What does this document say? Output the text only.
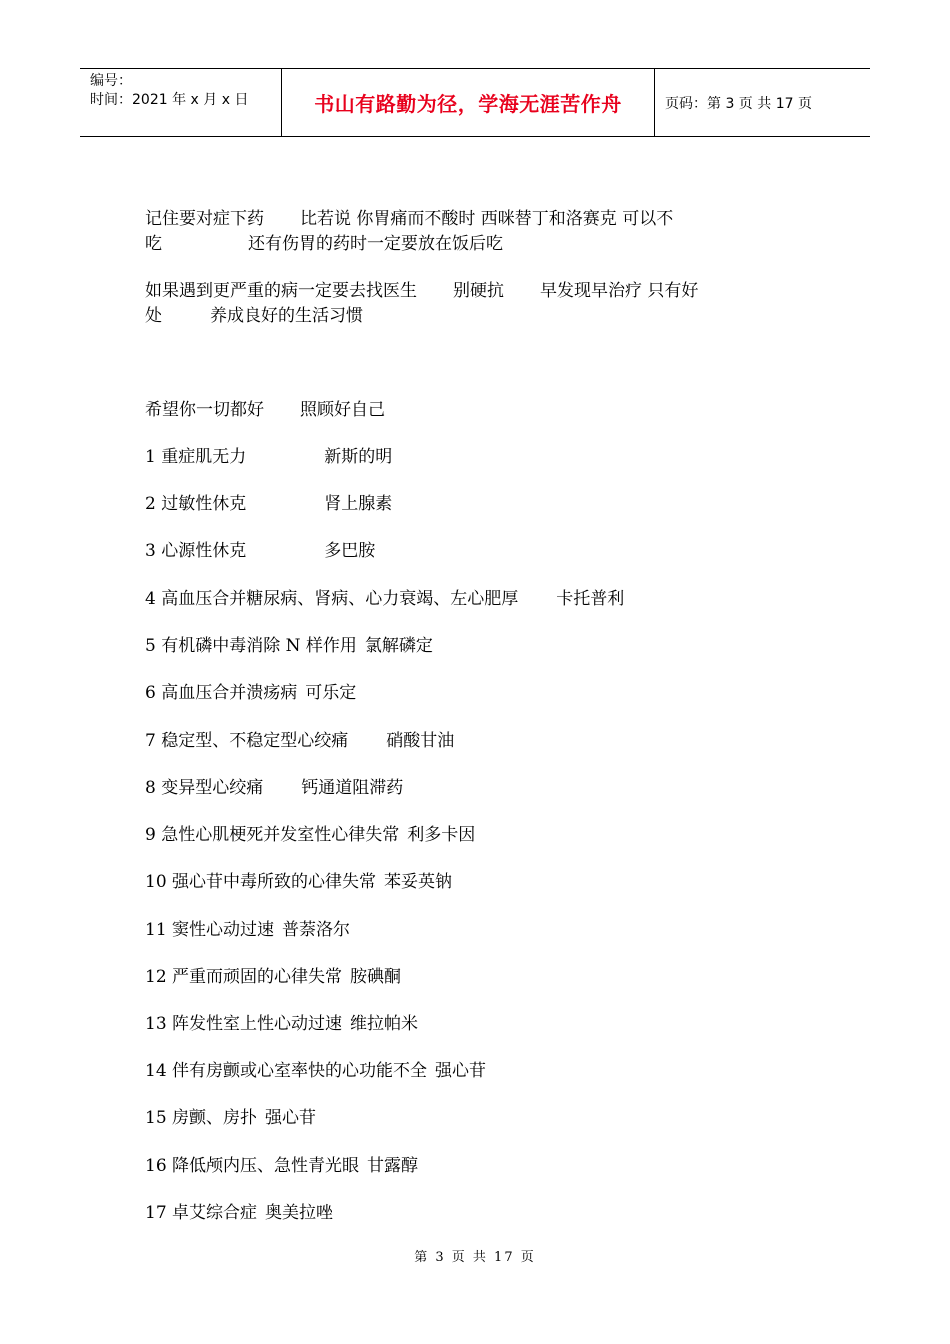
编号：
时间：2021 年 x 月 x 日	书山有路勤为径，学海无涯苦作舟	页码：第 3 页 共 17 页
记住要对症下药 比若说 你胃痛而不酸时 西咪替丁和洛赛克 可以不
吃	还有伤胃的药时一定要放在饭后吃
如果遇到更严重的病一定要去找医生 别硬抗 早发现早治疗 只有好
处	养成良好的生活习惯
希望你一切都好 照顾好自己
1 重症肌无力	新斯的明
2 过敏性休克	肾上腺素
3 心源性休克	多巴胺
4 高血压合并糖尿病、肾病、心力衰竭、左心肥厚 卡托普利
5 有机磷中毒消除 N 样作用 氯解磷定
6 高血压合并溃疡病 可乐定
7 稳定型、不稳定型心绞痛 硝酸甘油
8 变异型心绞痛 钙通道阻滞药
9 急性心肌梗死并发室性心律失常 利多卡因
10 强心苷中毒所致的心律失常 苯妥英钠
11 窦性心动过速 普萘洛尔
12 严重而顽固的心律失常 胺碘酮
13 阵发性室上性心动过速 维拉帕米
14 伴有房颤或心室率快的心功能不全 强心苷
15 房颤、房扑 强心苷
16 降低颅内压、急性青光眼 甘露醇
17 卓艾综合症 奥美拉唑
第 3 页 共 17 页
